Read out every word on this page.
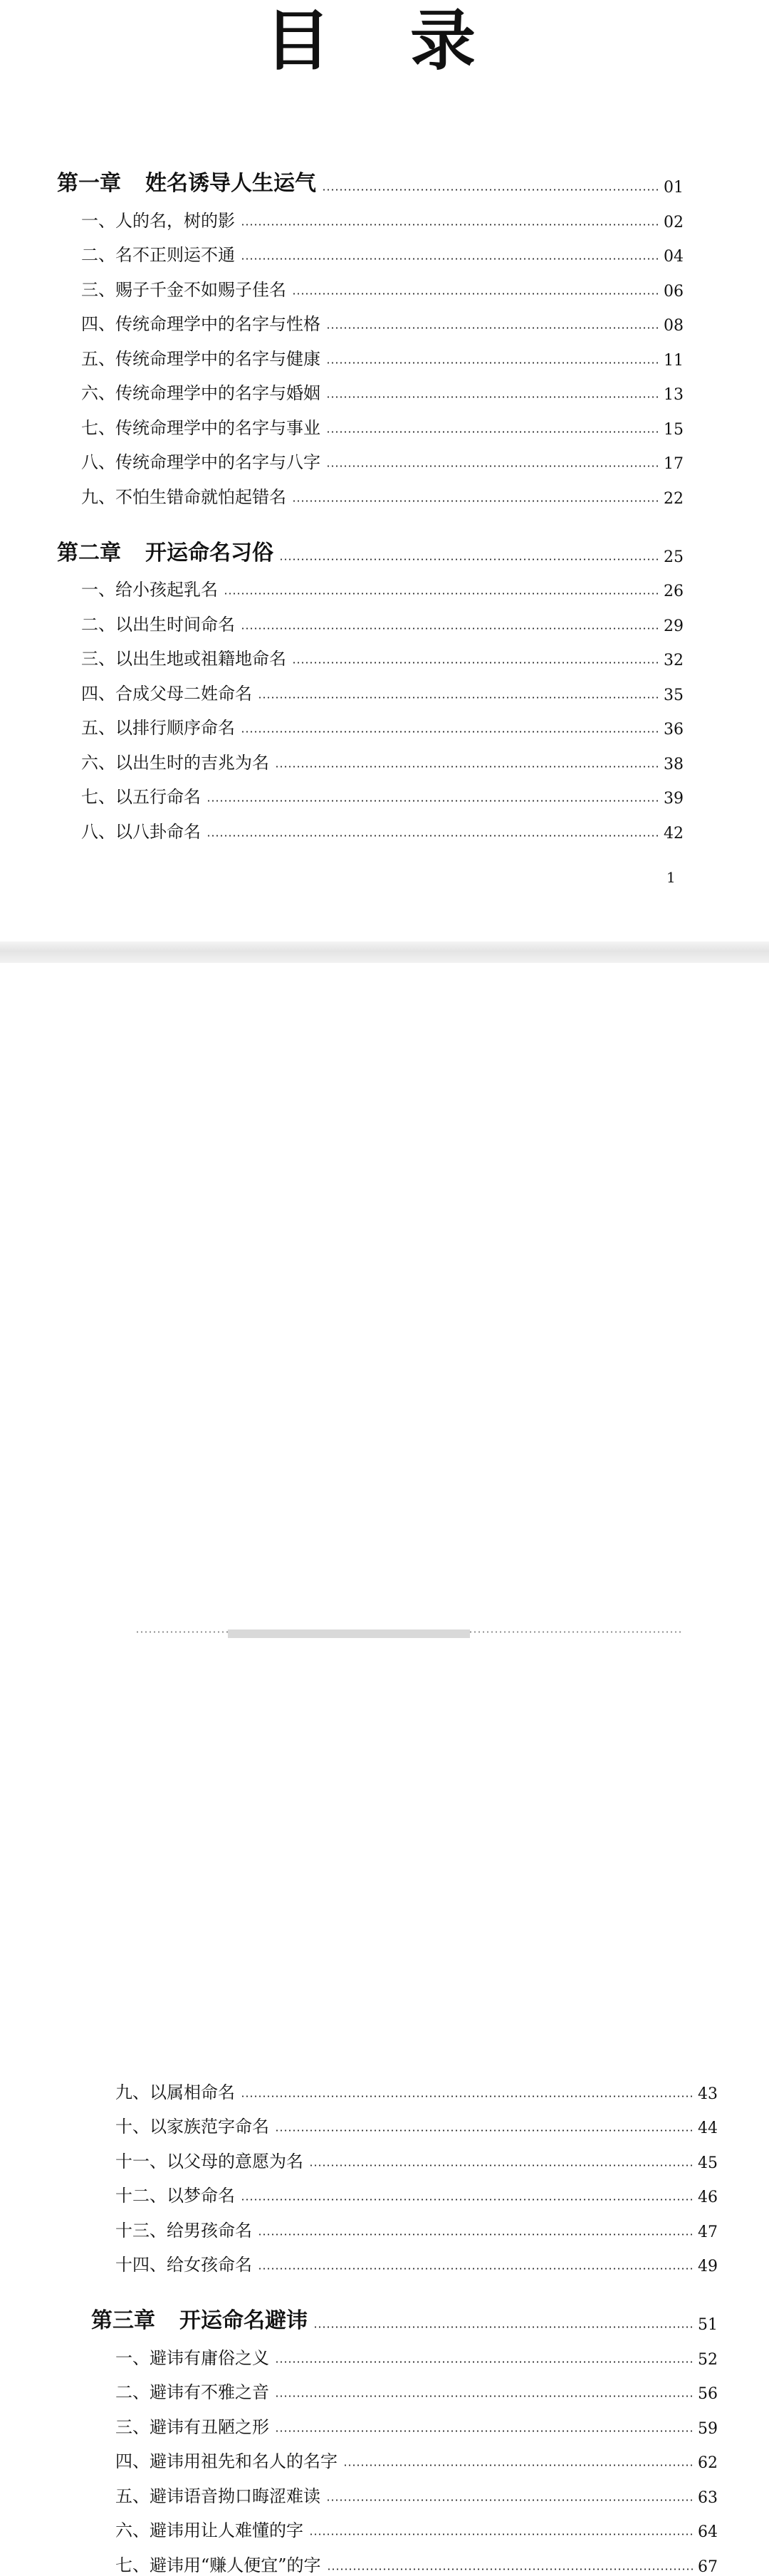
目 录
第一章 姓名诱导人生运气	01
一、人的名，树的影	02
二、名不正则运不通	04
三、赐子千金不如赐子佳名	06
四、传统命理学中的名字与性格	08
五、传统命理学中的名字与健康	11
六、传统命理学中的名字与婚姻	13
七、传统命理学中的名字与事业	15
八、传统命理学中的名字与八字	17
九、不怕生错命就怕起错名	22
第二章 开运命名习俗	25
一、给小孩起乳名	26
二、以出生时间命名	29
三、以出生地或祖籍地命名	32
四、合成父母二姓命名	35
五、以排行顺序命名	36
六、以出生时的吉兆为名	38
七、以五行命名	39
八、以八卦命名	42
1
九、以属相命名	43
十、以家族范字命名	44
十一、以父母的意愿为名	45
十二、以梦命名	46
十三、给男孩命名	47
十四、给女孩命名	49
第三章 开运命名避讳	51
一、避讳有庸俗之义	52
二、避讳有不雅之音	56
三、避讳有丑陋之形	59
四、避讳用祖先和名人的名字	62
五、避讳语音拗口晦涩难读	63
六、避讳用让人难懂的字	64
七、避讳用“赚人便宜”的字	67
